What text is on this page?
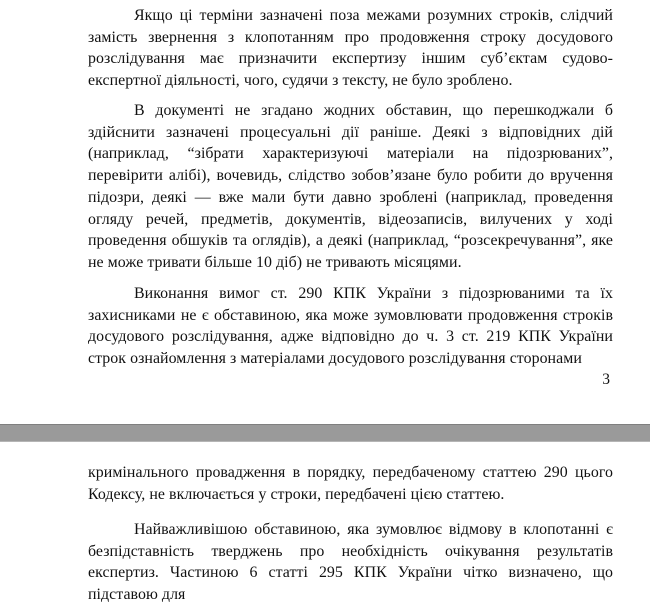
Якщо ці терміни зазначені поза межами розумних строків, слідчий замість звернення з клопотанням про продовження строку досудового розслідування має призначити експертизу іншим суб’єктам судово-експертної діяльності, чого, судячи з тексту, не було зроблено.

В документі не згадано жодних обставин, що перешкоджали б здійснити зазначені процесуальні дії раніше. Деякі з відповідних дій (наприклад, “зібрати характеризуючі матеріали на підозрюваних”, перевірити алібі), вочевидь, слідство зобов’язане було робити до вручення підозри, деякі — вже мали бути давно зроблені (наприклад, проведення огляду речей, предметів, документів, відеозаписів, вилучених у ході проведення обшуків та оглядів), а деякі (наприклад, “розсекречування”, яке не може тривати більше 10 діб) не тривають місяцями.

Виконання вимог ст. 290 КПК України з підозрюваними та їх захисниками не є обставиною, яка може зумовлювати продовження строків досудового розслідування, адже відповідно до ч. 3 ст. 219 КПК України строк ознайомлення з матеріалами досудового розслідування сторонами

3

кримінального провадження в порядку, передбаченому статтею 290 цього Кодексу, не включається у строки, передбачені цією статтею.

Найважливішою обставиною, яка зумовлює відмову в клопотанні є безпідставність тверджень про необхідність очікування результатів експертиз. Частиною 6 статті 295 КПК України чітко визначено, що підставою для
